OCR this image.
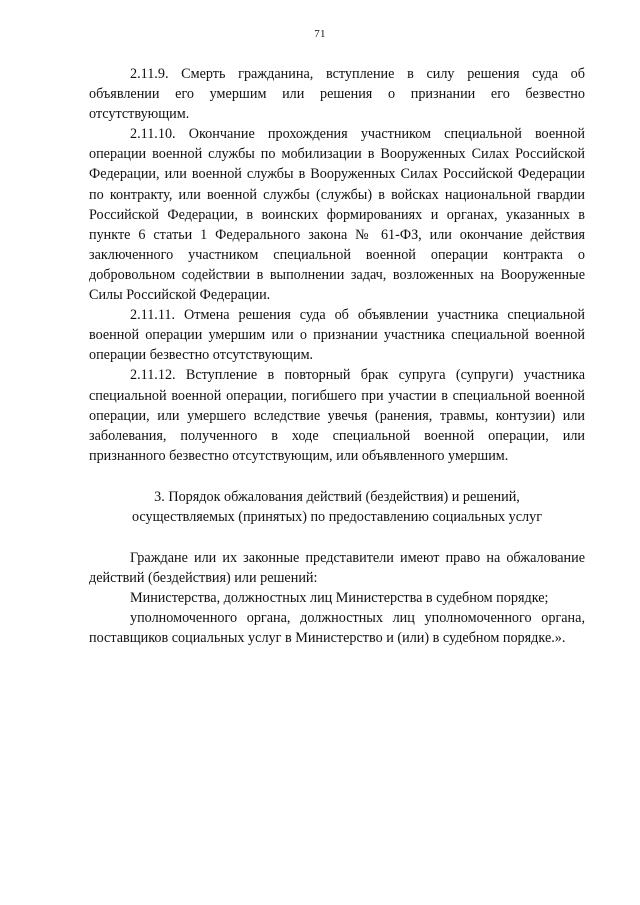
71

2.11.9. Смерть гражданина, вступление в силу решения суда об объявлении его умершим или решения о признании его безвестно отсутствующим.

2.11.10. Окончание прохождения участником специальной военной операции военной службы по мобилизации в Вооруженных Силах Российской Федерации, или военной службы в Вооруженных Силах Российской Федерации по контракту, или военной службы (службы) в войсках национальной гвардии Российской Федерации, в воинских формированиях и органах, указанных в пункте 6 статьи 1 Федерального закона № 61-ФЗ, или окончание действия заключенного участником специальной военной операции контракта о добровольном содействии в выполнении задач, возложенных на Вооруженные Силы Российской Федерации.

2.11.11. Отмена решения суда об объявлении участника специальной военной операции умершим или о признании участника специальной военной операции безвестно отсутствующим.

2.11.12. Вступление в повторный брак супруга (супруги) участника специальной военной операции, погибшего при участии в специальной военной операции, или умершего вследствие увечья (ранения, травмы, контузии) или заболевания, полученного в ходе специальной военной операции, или признанного безвестно отсутствующим, или объявленного умершим.

3. Порядок обжалования действий (бездействия) и решений,
осуществляемых (принятых) по предоставлению социальных услуг

Граждане или их законные представители имеют право на обжалование действий (бездействия) или решений:

Министерства, должностных лиц Министерства в судебном порядке;

уполномоченного органа, должностных лиц уполномоченного органа, поставщиков социальных услуг в Министерство и (или) в судебном порядке.».
